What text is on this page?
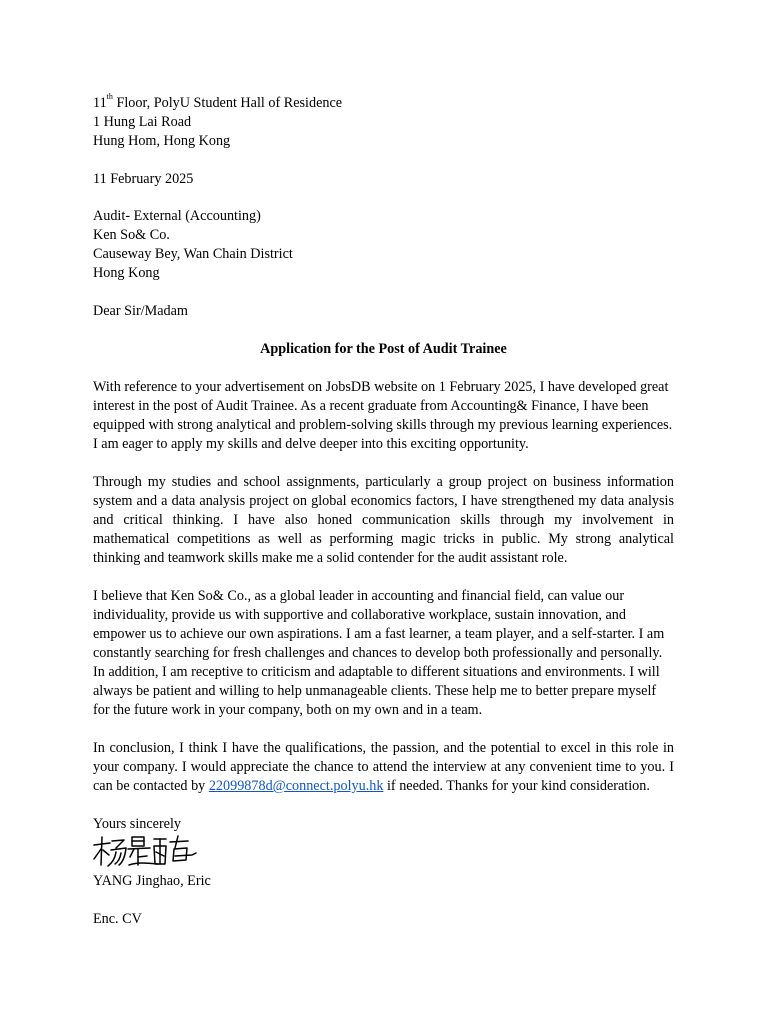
11th Floor, PolyU Student Hall of Residence
1 Hung Lai Road
Hung Hom, Hong Kong
11 February 2025
Audit- External (Accounting)
Ken So& Co.
Causeway Bey, Wan Chain District
Hong Kong
Dear Sir/Madam
Application for the Post of Audit Trainee
With reference to your advertisement on JobsDB website on 1 February 2025, I have developed great
interest in the post of Audit Trainee. As a recent graduate from Accounting& Finance, I have been
equipped with strong analytical and problem-solving skills through my previous learning experiences.
I am eager to apply my skills and delve deeper into this exciting opportunity.
Through my studies and school assignments, particularly a group project on business information system and a data analysis project on global economics factors, I have strengthened my data analysis and critical thinking. I have also honed communication skills through my involvement in mathematical competitions as well as performing magic tricks in public. My strong analytical thinking and teamwork skills make me a solid contender for the audit assistant role.
I believe that Ken So& Co., as a global leader in accounting and financial field, can value our
individuality, provide us with supportive and collaborative workplace, sustain innovation, and
empower us to achieve our own aspirations. I am a fast learner, a team player, and a self-starter. I am
constantly searching for fresh challenges and chances to develop both professionally and personally.
In addition, I am receptive to criticism and adaptable to different situations and environments. I will
always be patient and willing to help unmanageable clients. These help me to better prepare myself
for the future work in your company, both on my own and in a team.
In conclusion, I think I have the qualifications, the passion, and the potential to excel in this role in your company. I would appreciate the chance to attend the interview at any convenient time to you. I can be contacted by 22099878d@connect.polyu.hk if needed. Thanks for your kind consideration.
Yours sincerely
YANG Jinghao, Eric
Enc. CV
